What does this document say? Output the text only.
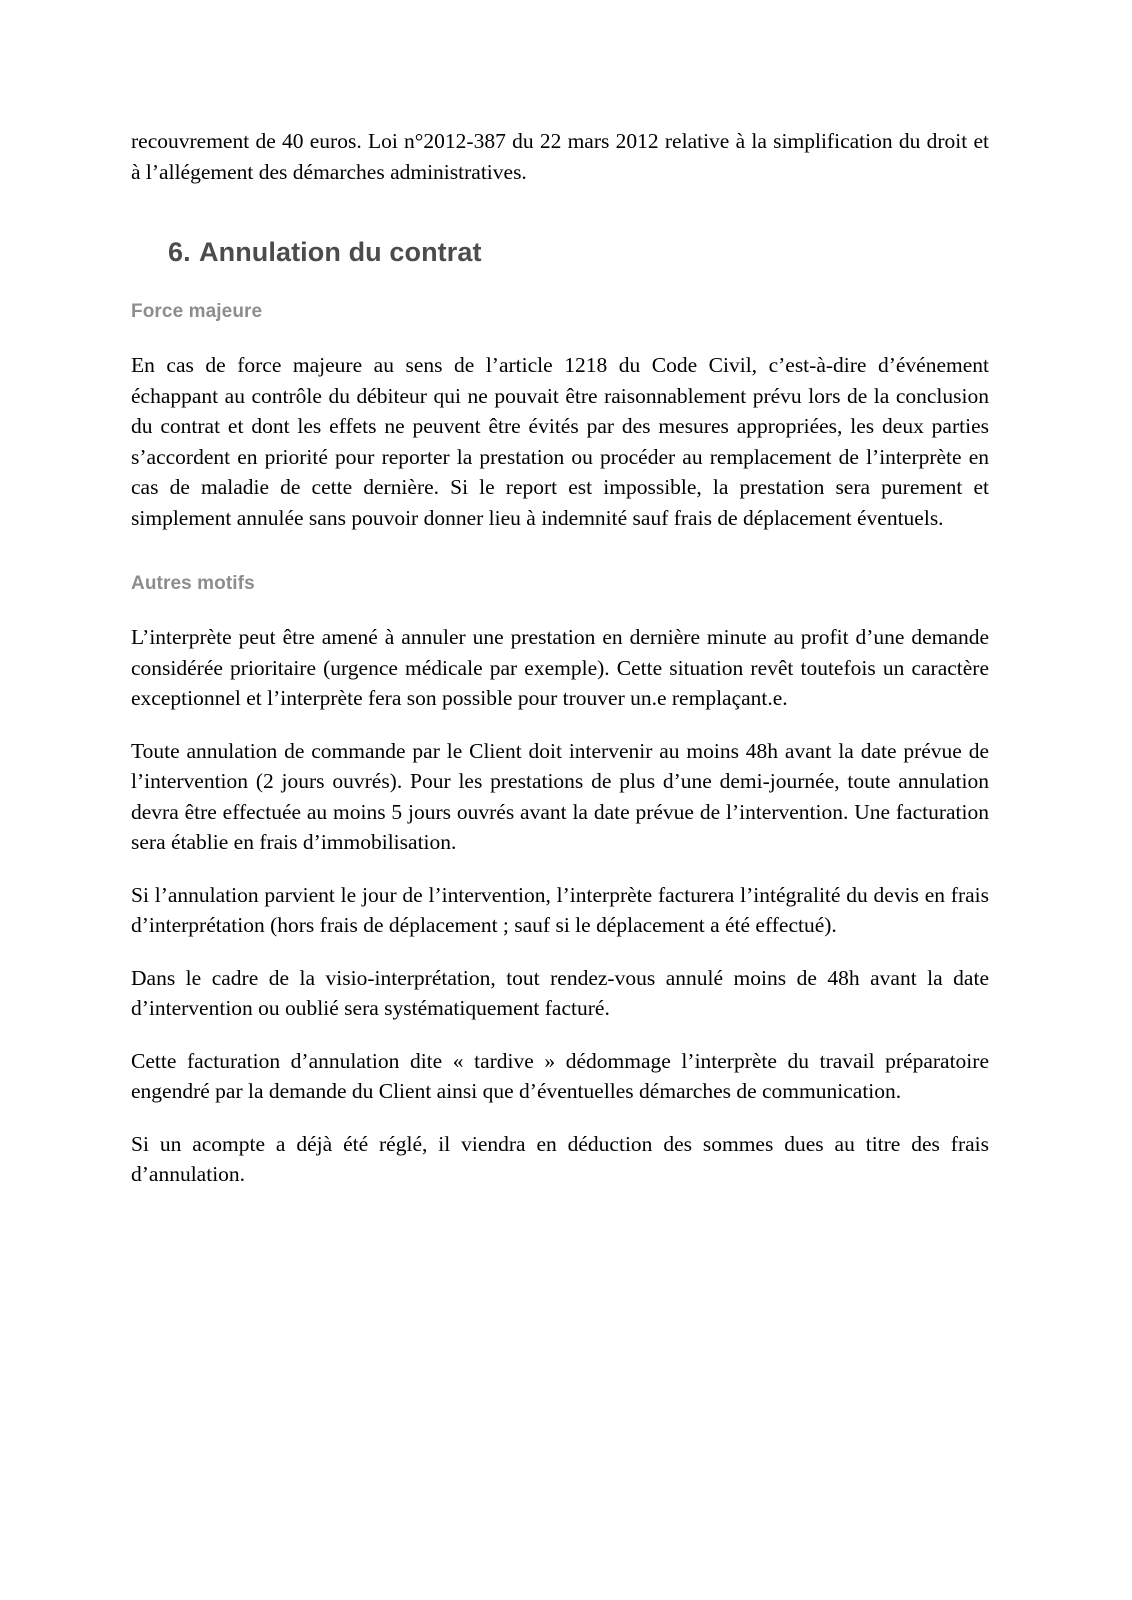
recouvrement de 40 euros. Loi n°2012-387 du 22 mars 2012 relative à la simplification du droit et à l’allégement des démarches administratives.

6. Annulation du contrat
Force majeure

En cas de force majeure au sens de l’article 1218 du Code Civil, c’est-à-dire d’événement échappant au contrôle du débiteur qui ne pouvait être raisonnablement prévu lors de la conclusion du contrat et dont les effets ne peuvent être évités par des mesures appropriées, les deux parties s’accordent en priorité pour reporter la prestation ou procéder au remplacement de l’interprète en cas de maladie de cette dernière. Si le report est impossible, la prestation sera purement et simplement annulée sans pouvoir donner lieu à indemnité sauf frais de déplacement éventuels.

Autres motifs

L’interprète peut être amené à annuler une prestation en dernière minute au profit d’une demande considérée prioritaire (urgence médicale par exemple). Cette situation revêt toutefois un caractère exceptionnel et l’interprète fera son possible pour trouver un.e remplaçant.e.

Toute annulation de commande par le Client doit intervenir au moins 48h avant la date prévue de l’intervention (2 jours ouvrés). Pour les prestations de plus d’une demi-journée, toute annulation devra être effectuée au moins 5 jours ouvrés avant la date prévue de l’intervention. Une facturation sera établie en frais d’immobilisation.

Si l’annulation parvient le jour de l’intervention, l’interprète facturera l’intégralité du devis en frais d’interprétation (hors frais de déplacement ; sauf si le déplacement a été effectué).

Dans le cadre de la visio-interprétation, tout rendez-vous annulé moins de 48h avant la date d’intervention ou oublié sera systématiquement facturé.

Cette facturation d’annulation dite « tardive » dédommage l’interprète du travail préparatoire engendré par la demande du Client ainsi que d’éventuelles démarches de communication.

Si un acompte a déjà été réglé, il viendra en déduction des sommes dues au titre des frais d’annulation.
